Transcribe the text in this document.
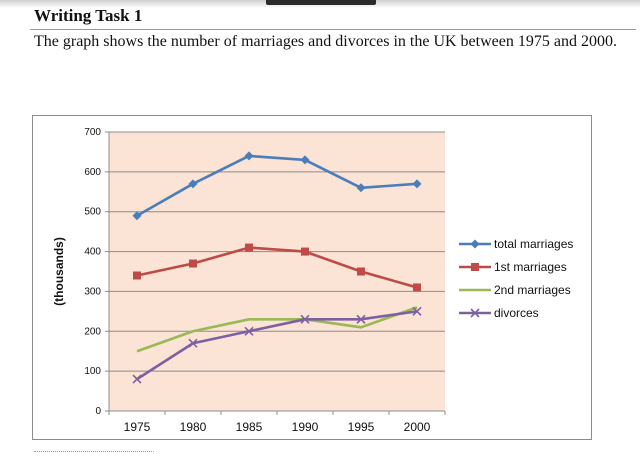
Writing Task 1
The graph shows the number of marriages and divorces in the UK between 1975 and 2000.
0
100
200
300
400
500
600
700
1975 1980 1985 1990 1995 2000
(thousands)	total marriages
1st marriages
2nd marriages
divorces
